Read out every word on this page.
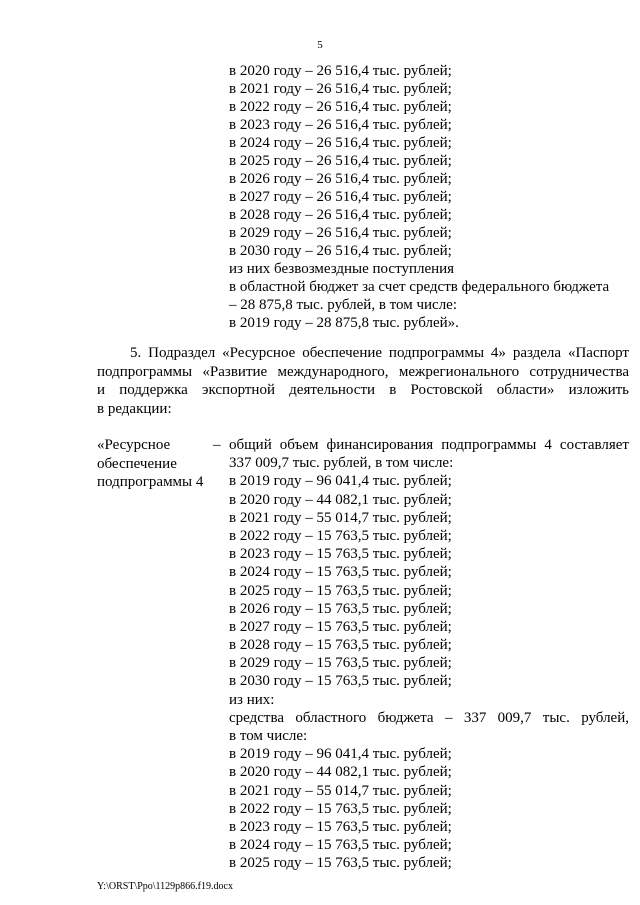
5
в 2020 году – 26 516,4 тыс. рублей;
в 2021 году – 26 516,4 тыс. рублей;
в 2022 году – 26 516,4 тыс. рублей;
в 2023 году – 26 516,4 тыс. рублей;
в 2024 году – 26 516,4 тыс. рублей;
в 2025 году – 26 516,4 тыс. рублей;
в 2026 году – 26 516,4 тыс. рублей;
в 2027 году – 26 516,4 тыс. рублей;
в 2028 году – 26 516,4 тыс. рублей;
в 2029 году – 26 516,4 тыс. рублей;
в 2030 году – 26 516,4 тыс. рублей;
из них безвозмездные поступления
в областной бюджет за счет средств федерального бюджета
– 28 875,8 тыс. рублей, в том числе:
в 2019 году – 28 875,8 тыс. рублей».
5. Подраздел «Ресурсное обеспечение подпрограммы 4» раздела «Паспорт
подпрограммы «Развитие международного, межрегионального сотрудничества
и поддержка экспортной деятельности в Ростовской области» изложить
в редакции:
«Ресурсное
обеспечение
подпрограммы 4
– общий объем финансирования подпрограммы 4 составляет
337 009,7 тыс. рублей, в том числе:
в 2019 году – 96 041,4 тыс. рублей;
в 2020 году – 44 082,1 тыс. рублей;
в 2021 году – 55 014,7 тыс. рублей;
в 2022 году – 15 763,5 тыс. рублей;
в 2023 году – 15 763,5 тыс. рублей;
в 2024 году – 15 763,5 тыс. рублей;
в 2025 году – 15 763,5 тыс. рублей;
в 2026 году – 15 763,5 тыс. рублей;
в 2027 году – 15 763,5 тыс. рублей;
в 2028 году – 15 763,5 тыс. рублей;
в 2029 году – 15 763,5 тыс. рублей;
в 2030 году – 15 763,5 тыс. рублей;
из них:
средства областного бюджета – 337 009,7 тыс. рублей,
в том числе:
в 2019 году – 96 041,4 тыс. рублей;
в 2020 году – 44 082,1 тыс. рублей;
в 2021 году – 55 014,7 тыс. рублей;
в 2022 году – 15 763,5 тыс. рублей;
в 2023 году – 15 763,5 тыс. рублей;
в 2024 году – 15 763,5 тыс. рублей;
в 2025 году – 15 763,5 тыс. рублей;
Y:\ORST\Ppo\1129p866.f19.docx
